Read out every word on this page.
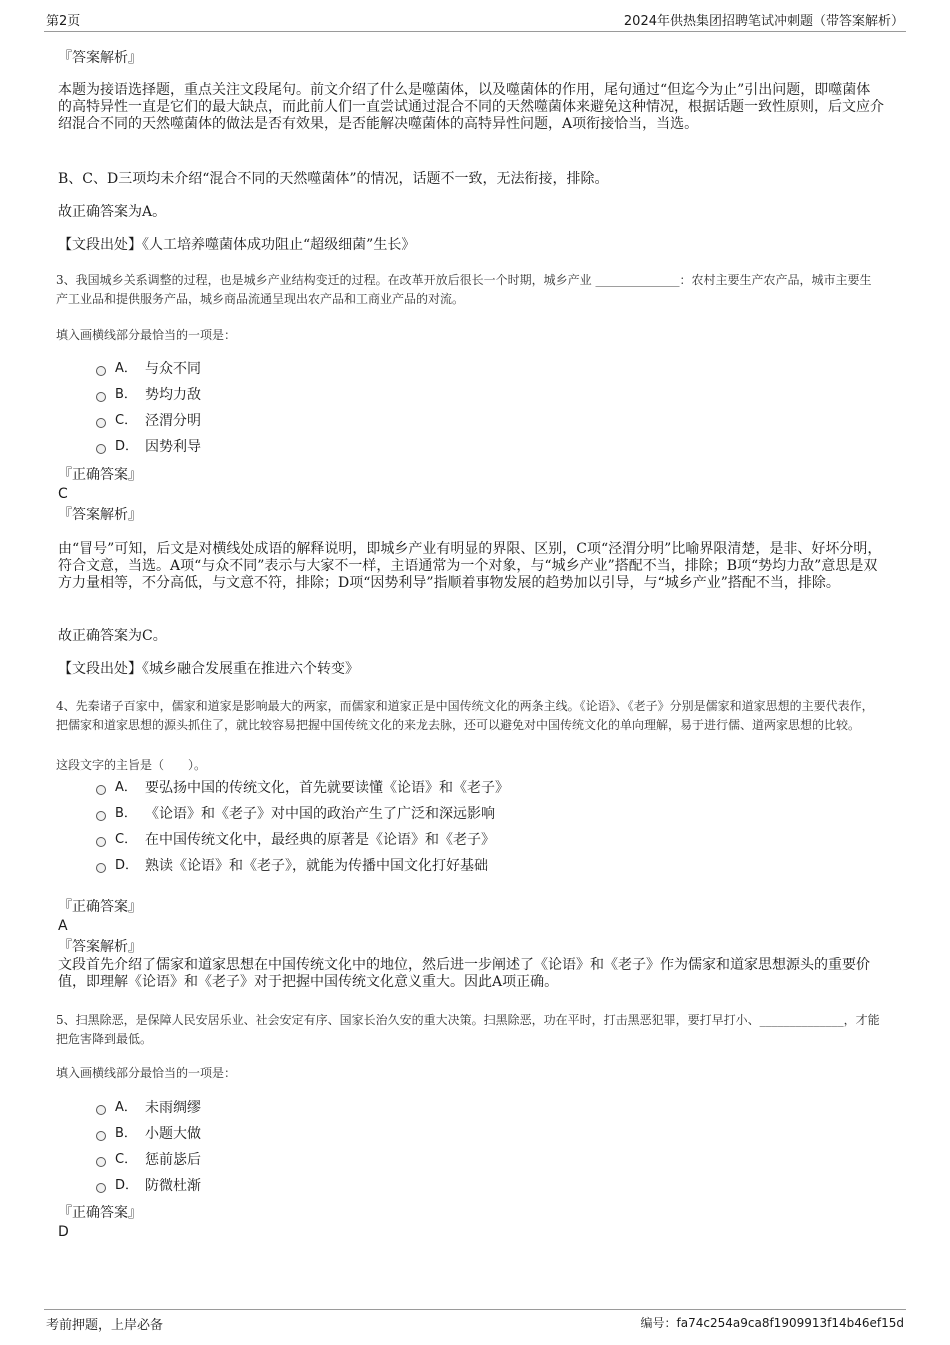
第2页	2024年供热集团招聘笔试冲刺题（带答案解析）
『答案解析』
本题为接语选择题，重点关注文段尾句。前文介绍了什么是噬菌体，以及噬菌体的作用，尾句通过“但迄今为止”引出问题，即噬菌体的高特异性一直是它们的最大缺点，而此前人们一直尝试通过混合不同的天然噬菌体来避免这种情况，根据话题一致性原则，后文应介绍混合不同的天然噬菌体的做法是否有效果，是否能解决噬菌体的高特异性问题，A项衔接恰当，当选。
B、C、D三项均未介绍“混合不同的天然噬菌体”的情况，话题不一致，无法衔接，排除。
故正确答案为A。
【文段出处】《人工培养噬菌体成功阻止“超级细菌”生长》
3、我国城乡关系调整的过程，也是城乡产业结构变迁的过程。在改革开放后很长一个时期，城乡产业 ______________：农村主要生产农产品，城市主要生产工业品和提供服务产品，城乡商品流通呈现出农产品和工商业产品的对流。
填入画横线部分最恰当的一项是：
A． 与众不同
B． 势均力敌
C． 泾渭分明
D． 因势利导
『正确答案』
C
『答案解析』
由“冒号”可知，后文是对横线处成语的解释说明，即城乡产业有明显的界限、区别，C项“泾渭分明”比喻界限清楚，是非、好坏分明，符合文意，当选。A项“与众不同”表示与大家不一样，主语通常为一个对象，与“城乡产业”搭配不当，排除；B项“势均力敌”意思是双方力量相等，不分高低，与文意不符，排除；D项“因势利导”指顺着事物发展的趋势加以引导，与“城乡产业”搭配不当，排除。
故正确答案为C。
【文段出处】《城乡融合发展重在推进六个转变》
4、先秦诸子百家中，儒家和道家是影响最大的两家，而儒家和道家正是中国传统文化的两条主线。《论语》、《老子》分别是儒家和道家思想的主要代表作，把儒家和道家思想的源头抓住了，就比较容易把握中国传统文化的来龙去脉，还可以避免对中国传统文化的单向理解，易于进行儒、道两家思想的比较。
这段文字的主旨是（　　）。
A． 要弘扬中国的传统文化，首先就要读懂《论语》和《老子》
B． 《论语》和《老子》对中国的政治产生了广泛和深远影响
C． 在中国传统文化中，最经典的原著是《论语》和《老子》
D． 熟读《论语》和《老子》，就能为传播中国文化打好基础
『正确答案』
A
『答案解析』
文段首先介绍了儒家和道家思想在中国传统文化中的地位，然后进一步阐述了《论语》和《老子》作为儒家和道家思想源头的重要价值，即理解《论语》和《老子》对于把握中国传统文化意义重大。因此A项正确。
5、扫黑除恶，是保障人民安居乐业、社会安定有序、国家长治久安的重大决策。扫黑除恶，功在平时，打击黑恶犯罪，要打早打小、______________，才能把危害降到最低。
填入画横线部分最恰当的一项是：
A． 未雨绸缪
B． 小题大做
C． 惩前毖后
D． 防微杜渐
『正确答案』
D
考前押题，上岸必备	编号：fa74c254a9ca8f1909913f14b46ef15d
